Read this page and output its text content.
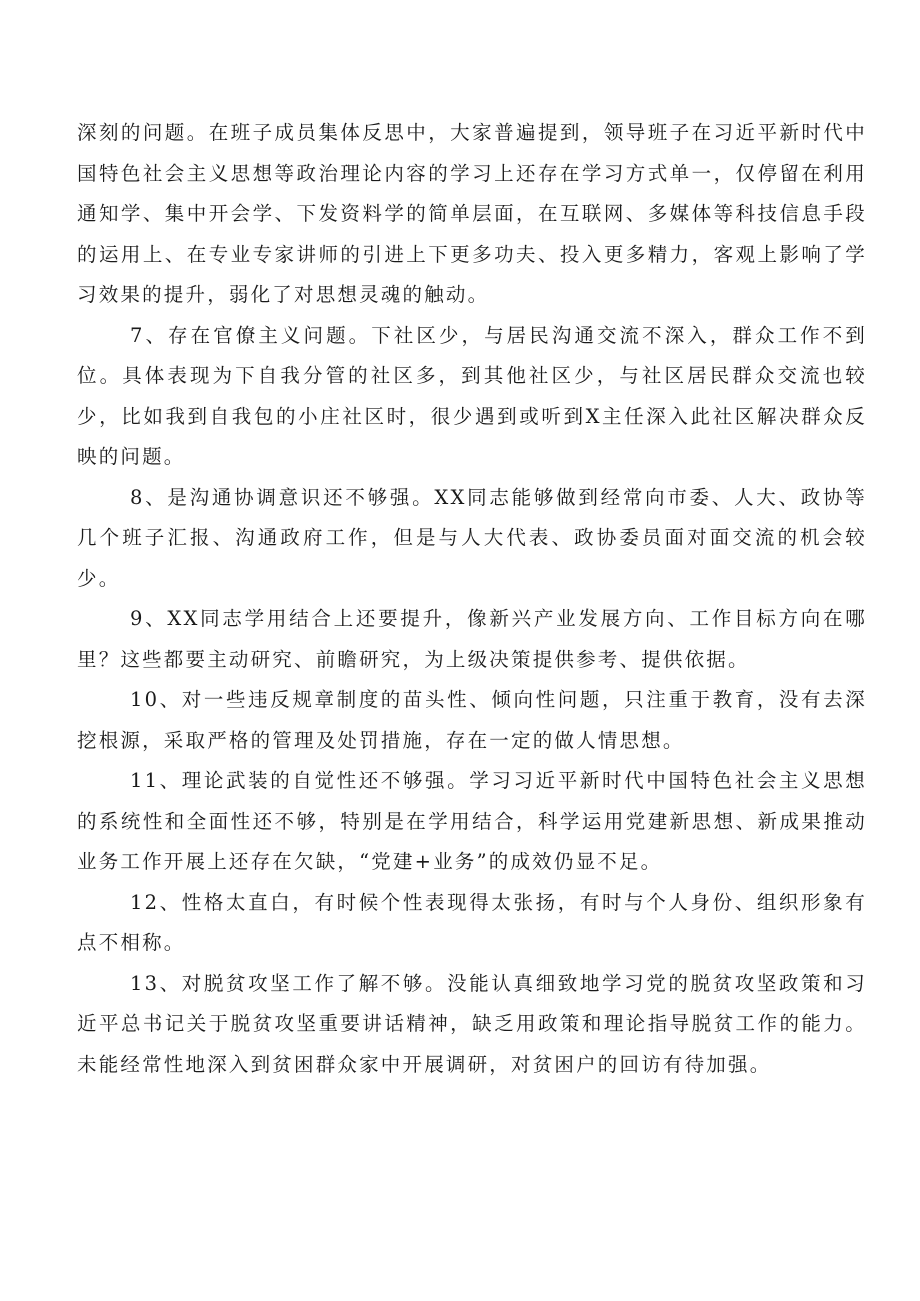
深刻的问题。在班子成员集体反思中，大家普遍提到，领导班子在习近平新时代中国特色社会主义思想等政治理论内容的学习上还存在学习方式单一，仅停留在利用通知学、集中开会学、下发资料学的简单层面，在互联网、多媒体等科技信息手段的运用上、在专业专家讲师的引进上下更多功夫、投入更多精力，客观上影响了学习效果的提升，弱化了对思想灵魂的触动。

7、存在官僚主义问题。下社区少，与居民沟通交流不深入，群众工作不到位。具体表现为下自我分管的社区多，到其他社区少，与社区居民群众交流也较少，比如我到自我包的小庄社区时，很少遇到或听到X主任深入此社区解决群众反映的问题。

8、是沟通协调意识还不够强。XX同志能够做到经常向市委、人大、政协等几个班子汇报、沟通政府工作，但是与人大代表、政协委员面对面交流的机会较少。

9、XX同志学用结合上还要提升，像新兴产业发展方向、工作目标方向在哪里？这些都要主动研究、前瞻研究，为上级决策提供参考、提供依据。

10、对一些违反规章制度的苗头性、倾向性问题，只注重于教育，没有去深挖根源，采取严格的管理及处罚措施，存在一定的做人情思想。

11、理论武装的自觉性还不够强。学习习近平新时代中国特色社会主义思想的系统性和全面性还不够，特别是在学用结合，科学运用党建新思想、新成果推动业务工作开展上还存在欠缺，“党建+业务”的成效仍显不足。

12、性格太直白，有时候个性表现得太张扬，有时与个人身份、组织形象有点不相称。

13、对脱贫攻坚工作了解不够。没能认真细致地学习党的脱贫攻坚政策和习近平总书记关于脱贫攻坚重要讲话精神，缺乏用政策和理论指导脱贫工作的能力。未能经常性地深入到贫困群众家中开展调研，对贫困户的回访有待加强。
